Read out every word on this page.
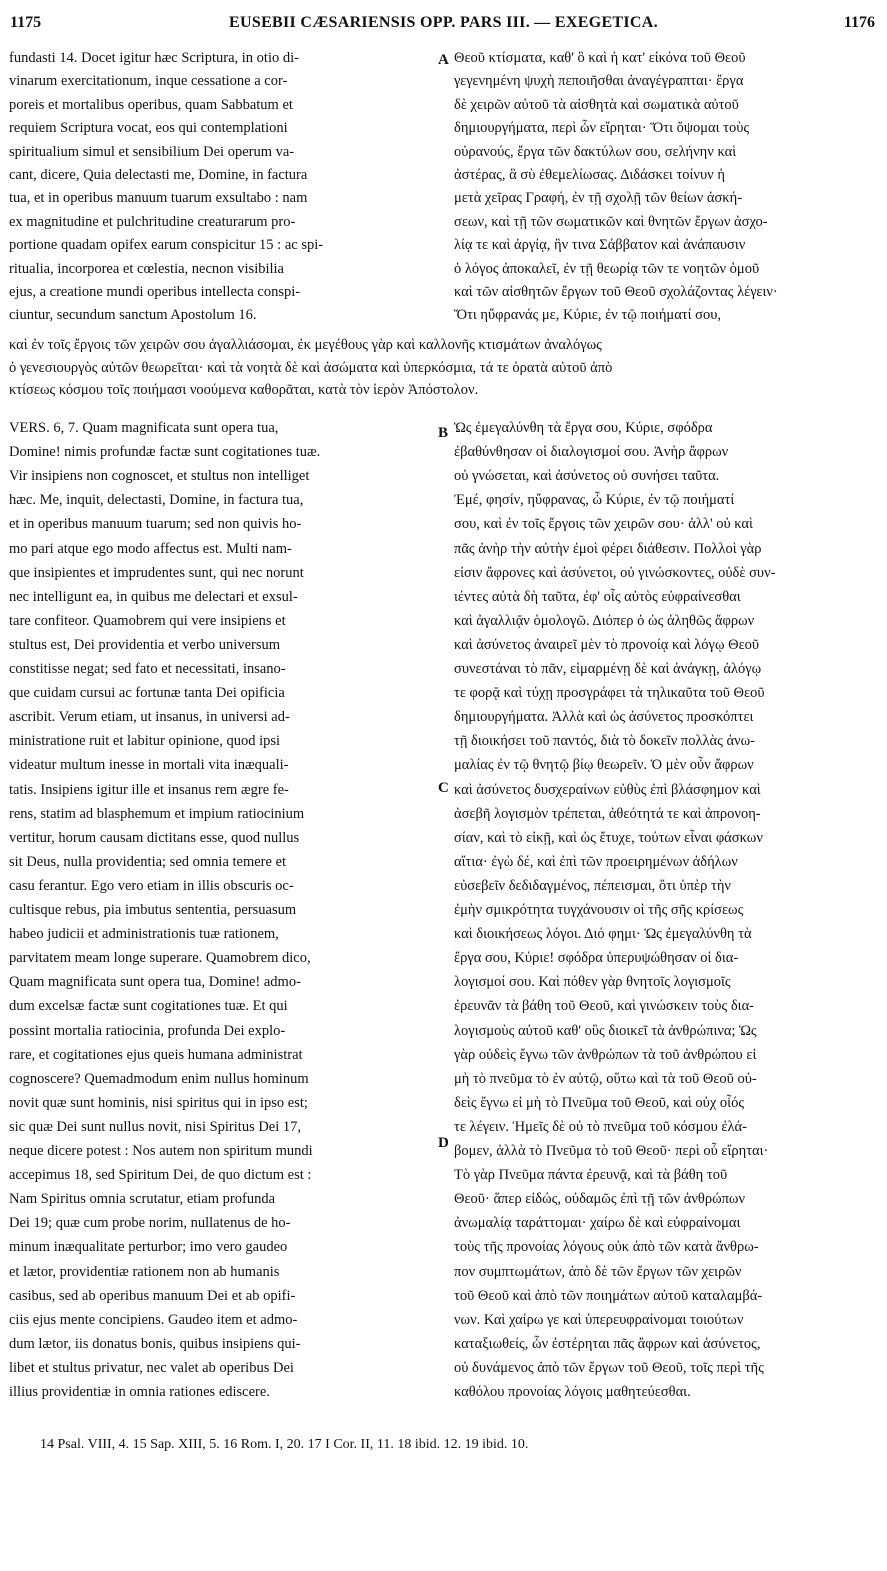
1175	EUSEBII CÆSARIENSIS OPP. PARS III. — EXEGETICA.	1176
A
B
C
D
fundasti 14. Docet igitur hæc Scriptura, in otio di-
vinarum exercitationum, inque cessatione a cor-
poreis et mortalibus operibus, quam Sabbatum et
requiem Scriptura vocat, eos qui contemplationi
spiritualium simul et sensibilium Dei operum va-
cant, dicere, Quia delectasti me, Domine, in factura
tua, et in operibus manuum tuarum exsultabo : nam
ex magnitudine et pulchritudine creaturarum pro-
portione quadam opifex earum conspicitur 15 : ac spi-
ritualia, incorporea et cœlestia, necnon visibilia
ejus, a creatione mundi operibus intellecta conspi-
ciuntur, secundum sanctum Apostolum 16.
Θεοῦ κτίσματα, καθ' ὃ καὶ ἡ κατ' εἰκόνα τοῦ Θεοῦ
γεγενημένη ψυχὴ πεποιῆσθαι ἀναγέγραπται· ἔργα
δὲ χειρῶν αὐτοῦ τὰ αἰσθητὰ καὶ σωματικὰ αὐτοῦ
δημιουργήματα, περὶ ὧν εἴρηται· Ὅτι ὄψομαι τοὺς
οὐρανούς, ἔργα τῶν δακτύλων σου, σελήνην καὶ
ἀστέρας, ἃ σὺ ἐθεμελίωσας. Διδάσκει τοίνυν ἡ
μετὰ χεῖρας Γραφή, ἐν τῇ σχολῇ τῶν θείων ἀσκή-
σεων, καὶ τῇ τῶν σωματικῶν καὶ θνητῶν ἔργων ἀσχο-
λίᾳ τε καὶ ἀργίᾳ, ἣν τινα Σάββατον καὶ ἀνάπαυσιν
ὁ λόγος ἀποκαλεῖ, ἐν τῇ θεωρίᾳ τῶν τε νοητῶν ὁμοῦ
καὶ τῶν αἰσθητῶν ἔργων τοῦ Θεοῦ σχολάζοντας λέγειν·
Ὅτι ηὔφρανάς με, Κύριε, ἐν τῷ ποιήματί σου,
καὶ ἐν τοῖς ἔργοις τῶν χειρῶν σου ἀγαλλιάσομαι, ἐκ μεγέθους γὰρ καὶ καλλονῆς κτισμάτων ἀναλόγως
ὁ γενεσιουργὸς αὐτῶν θεωρεῖται· καὶ τὰ νοητὰ δὲ καὶ ἀσώματα καὶ ὑπερκόσμια, τά τε ὁρατὰ αὐτοῦ ἀπὸ
κτίσεως κόσμου τοῖς ποιήμασι νοούμενα καθορᾶται, κατὰ τὸν ἱερὸν Ἀπόστολον.
VERS. 6, 7. Quam magnificata sunt opera tua,
Domine! nimis profundæ factæ sunt cogitationes tuæ.
Vir insipiens non cognoscet, et stultus non intelliget
hæc. Me, inquit, delectasti, Domine, in factura tua,
et in operibus manuum tuarum; sed non quivis ho-
mo pari atque ego modo affectus est. Multi nam-
que insipientes et imprudentes sunt, qui nec norunt
nec intelligunt ea, in quibus me delectari et exsul-
tare confiteor. Quamobrem qui vere insipiens et
stultus est, Dei providentia et verbo universum
constitisse negat; sed fato et necessitati, insano-
que cuidam cursui ac fortunæ tanta Dei opificia
ascribit. Verum etiam, ut insanus, in universi ad-
ministratione ruit et labitur opinione, quod ipsi
videatur multum inesse in mortali vita inæquali-
tatis. Insipiens igitur ille et insanus rem ægre fe-
rens, statim ad blasphemum et impium ratiocinium
vertitur, horum causam dictitans esse, quod nullus
sit Deus, nulla providentia; sed omnia temere et
casu ferantur. Ego vero etiam in illis obscuris oc-
cultisque rebus, pia imbutus sententia, persuasum
habeo judicii et administrationis tuæ rationem,
parvitatem meam longe superare. Quamobrem dico,
Quam magnificata sunt opera tua, Domine! admo-
dum excelsæ factæ sunt cogitationes tuæ. Et qui
possint mortalia ratiocinia, profunda Dei explo-
rare, et cogitationes ejus queis humana administrat
cognoscere? Quemadmodum enim nullus hominum
novit quæ sunt hominis, nisi spiritus qui in ipso est;
sic quæ Dei sunt nullus novit, nisi Spiritus Dei 17,
neque dicere potest : Nos autem non spiritum mundi
accepimus 18, sed Spiritum Dei, de quo dictum est :
Nam Spiritus omnia scrutatur, etiam profunda
Dei 19; quæ cum probe norim, nullatenus de ho-
minum inæqualitate perturbor; imo vero gaudeo
et lætor, providentiæ rationem non ab humanis
casibus, sed ab operibus manuum Dei et ab opifi-
ciis ejus mente concipiens. Gaudeo item et admo-
dum lætor, iis donatus bonis, quibus insipiens qui-
libet et stultus privatur, nec valet ab operibus Dei
illius providentiæ in omnia rationes ediscere.
Ὡς ἐμεγαλύνθη τὰ ἔργα σου, Κύριε, σφόδρα
ἐβαθύνθησαν οἱ διαλογισμοί σου. Ἀνὴρ ἄφρων
οὐ γνώσεται, καὶ ἀσύνετος οὐ συνήσει ταῦτα.
Ἐμέ, φησίν, ηὔφρανας, ὦ Κύριε, ἐν τῷ ποιήματί
σου, καὶ ἐν τοῖς ἔργοις τῶν χειρῶν σου· ἀλλ' οὐ καὶ
πᾶς ἀνὴρ τὴν αὐτὴν ἐμοὶ φέρει διάθεσιν. Πολλοὶ γὰρ
εἰσιν ἄφρονες καὶ ἀσύνετοι, οὐ γινώσκοντες, οὐδὲ συν-
ιέντες αὐτὰ δὴ ταῦτα, ἐφ' οἷς αὐτὸς εὐφραίνεσθαι
καὶ ἀγαλλιᾷν ὁμολογῶ. Διόπερ ὁ ὡς ἀληθῶς ἄφρων
καὶ ἀσύνετος ἀναιρεῖ μὲν τὸ προνοίᾳ καὶ λόγῳ Θεοῦ
συνεστάναι τὸ πᾶν, εἱμαρμένῃ δὲ καὶ ἀνάγκῃ, ἀλόγῳ
τε φορᾷ καὶ τύχῃ προσγράφει τὰ τηλικαῦτα τοῦ Θεοῦ
δημιουργήματα. Ἀλλὰ καὶ ὡς ἀσύνετος προσκόπτει
τῇ διοικήσει τοῦ παντός, διὰ τὸ δοκεῖν πολλὰς ἀνω-
μαλίας ἐν τῷ θνητῷ βίῳ θεωρεῖν. Ὁ μὲν οὖν ἄφρων
καὶ ἀσύνετος δυσχεραίνων εὐθὺς ἐπὶ βλάσφημον καὶ
ἀσεβῆ λογισμὸν τρέπεται, ἀθεότητά τε καὶ ἀπρονοη-
σίαν, καὶ τὸ εἰκῇ, καὶ ὡς ἔτυχε, τούτων εἶναι φάσκων
αἴτια· ἐγὼ δέ, καὶ ἐπὶ τῶν προειρημένων ἀδήλων
εὐσεβεῖν δεδιδαγμένος, πέπεισμαι, ὅτι ὑπὲρ τὴν
ἐμὴν σμικρότητα τυγχάνουσιν οἱ τῆς σῆς κρίσεως
καὶ διοικήσεως λόγοι. Διό φημι· Ὡς ἐμεγαλύνθη τὰ
ἔργα σου, Κύριε! σφόδρα ὑπερυψώθησαν οἱ δια-
λογισμοί σου. Καὶ πόθεν γὰρ θνητοῖς λογισμοῖς
ἐρευνᾶν τὰ βάθη τοῦ Θεοῦ, καὶ γινώσκειν τοὺς δια-
λογισμοὺς αὐτοῦ καθ' οὓς διοικεῖ τὰ ἀνθρώπινα; Ὡς
γὰρ οὐδεὶς ἔγνω τῶν ἀνθρώπων τὰ τοῦ ἀνθρώπου εἰ
μὴ τὸ πνεῦμα τὸ ἐν αὐτῷ, οὕτω καὶ τὰ τοῦ Θεοῦ οὐ-
δεὶς ἔγνω εἰ μὴ τὸ Πνεῦμα τοῦ Θεοῦ, καὶ οὐχ οἷός
τε λέγειν. Ἡμεῖς δὲ οὐ τὸ πνεῦμα τοῦ κόσμου ἐλά-
βομεν, ἀλλὰ τὸ Πνεῦμα τὸ τοῦ Θεοῦ· περὶ οὗ εἴρηται·
Τὸ γὰρ Πνεῦμα πάντα ἐρευνᾷ, καὶ τὰ βάθη τοῦ
Θεοῦ· ἅπερ εἰδώς, οὐδαμῶς ἐπὶ τῇ τῶν ἀνθρώπων
ἀνωμαλίᾳ ταράττομαι· χαίρω δὲ καὶ εὐφραίνομαι
τοὺς τῆς προνοίας λόγους οὐκ ἀπὸ τῶν κατὰ ἄνθρω-
πον συμπτωμάτων, ἀπὸ δὲ τῶν ἔργων τῶν χειρῶν
τοῦ Θεοῦ καὶ ἀπὸ τῶν ποιημάτων αὐτοῦ καταλαμβά-
νων. Καὶ χαίρω γε καὶ ὑπερευφραίνομαι τοιούτων
καταξιωθείς, ὧν ἐστέρηται πᾶς ἄφρων καὶ ἀσύνετος,
οὐ δυνάμενος ἀπὸ τῶν ἔργων τοῦ Θεοῦ, τοῖς περὶ τῆς
καθόλου προνοίας λόγοις μαθητεύεσθαι.
14 Psal. VIII, 4. 15 Sap. XIII, 5. 16 Rom. I, 20. 17 I Cor. II, 11. 18 ibid. 12. 19 ibid. 10.
